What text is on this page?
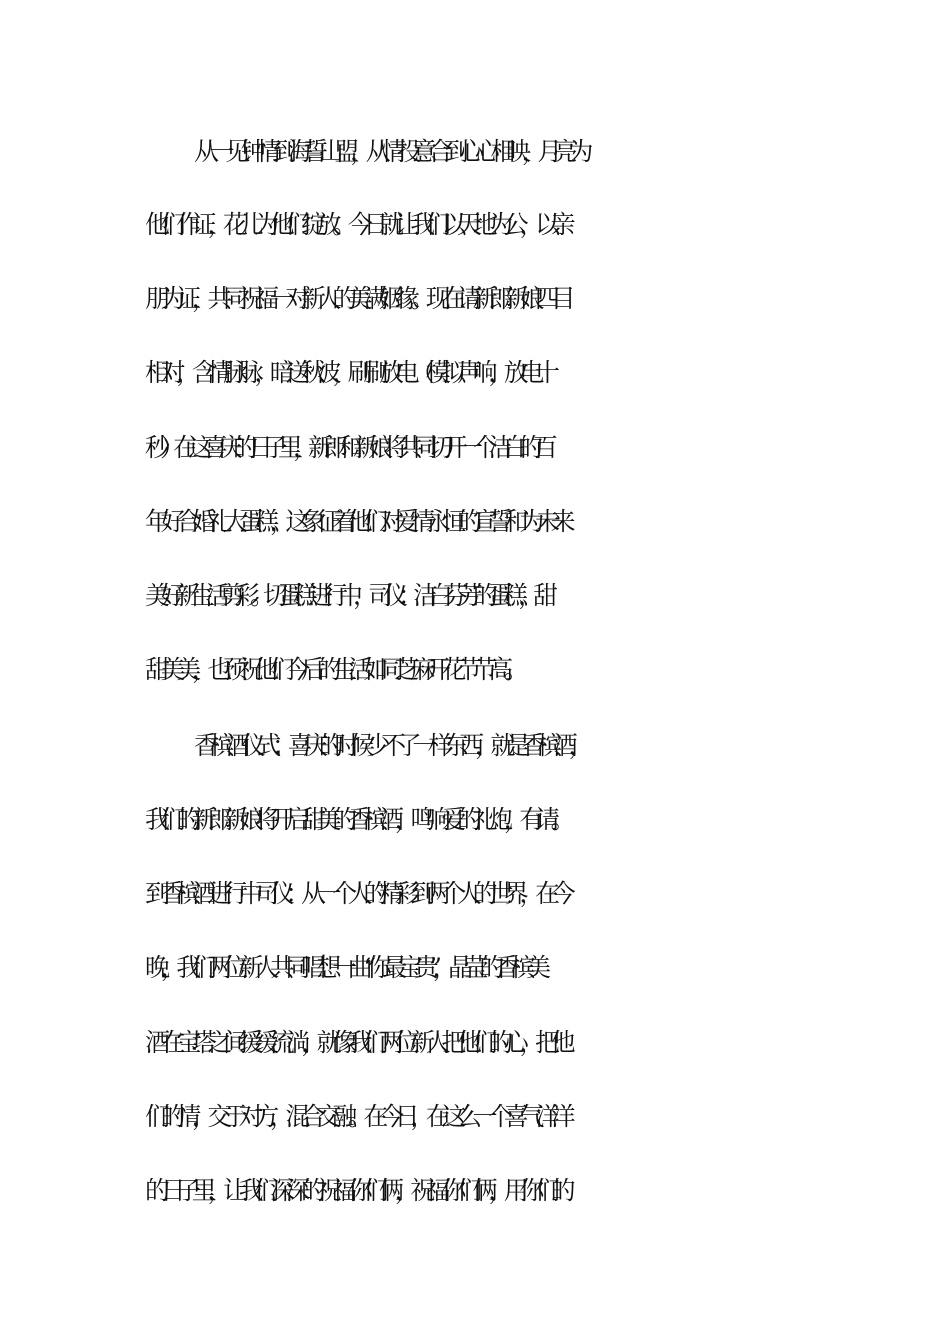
从一见钟情到海誓山盟，从情投意合到心心相映，月亮为

他们作证，花儿为他们绽放。今日就让我们以天地为公，以亲

朋为证，共同祝福一对新人的美满姻缘。现在请新郎新娘四目

相对，含情脉脉，暗送秋波，刷刷放电（模拟声响，放电十

秒） 在这喜庆的日子里，新郎和新娘将共同切开一个洁白的百

年好合婚礼大蛋糕，这象征着他们对爱情永恒的宣誓和为未来

美好新生活剪彩。 切蛋糕进行中，司仪：洁白芬芳的蛋糕，甜

甜美美，也预祝他们今后的生活如同芝麻开花节节高。

香槟酒仪式：喜庆的时候少不了一样东西，就是香槟酒，

我们的新郎新娘将开启甜美的香槟酒，鸣响爱的礼炮，有请。

到香槟酒进行中司仪：从一个人的精彩到两个人的世界，在今

晚，我们两位新人共同唱想一曲“你最宝贵”，晶莹的香槟美

酒在宝塔之间缓缓流淌，就像我们两位新人把他们的心，把他

们的情，交于对方，混合交融。在今日，在这么一个喜气洋洋

的日子里，让我们深深的祝福你们俩，祝福你们俩，用你们的
